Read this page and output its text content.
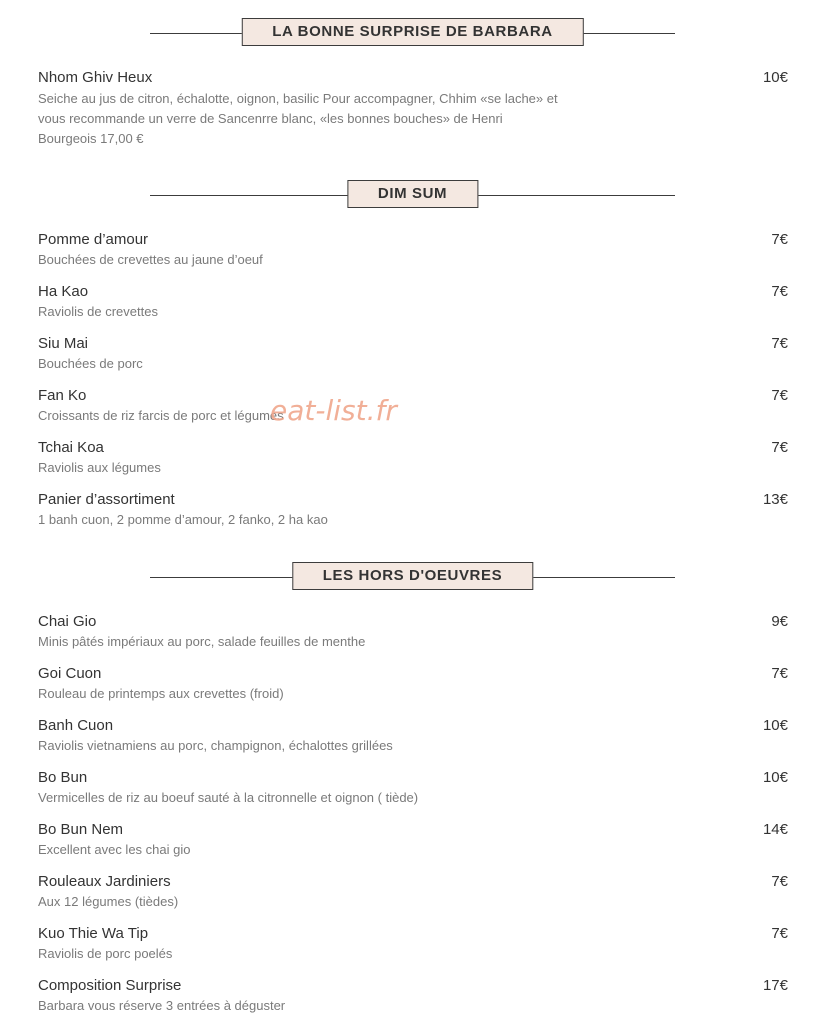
LA BONNE SURPRISE DE BARBARA
Nhom Ghiv Heux	10€
Seiche au jus de citron, échalotte, oignon, basilic Pour accompagner, Chhim «se lache» et vous recommande un verre de Sancenrre blanc, «les bonnes bouches» de Henri Bourgeois 17,00 €
DIM SUM
Pomme d’amour	7€
Bouchées de crevettes au jaune d’oeuf
Ha Kao	7€
Raviolis de crevettes
Siu Mai	7€
Bouchées de porc
Fan Ko	7€
Croissants de riz farcis de porc et légumes
Tchai Koa	7€
Raviolis aux légumes
Panier d’assortiment	13€
1 banh cuon, 2 pomme d’amour, 2 fanko, 2 ha kao
LES HORS D'OEUVRES
Chai Gio	9€
Minis pâtés impériaux au porc, salade feuilles de menthe
Goi Cuon	7€
Rouleau de printemps aux crevettes (froid)
Banh Cuon	10€
Raviolis vietnamiens au porc, champignon, échalottes grillées
Bo Bun	10€
Vermicelles de riz au boeuf sauté à la citronnelle et oignon ( tiède)
Bo Bun Nem	14€
Excellent avec les chai gio
Rouleaux Jardiniers	7€
Aux 12 légumes (tièdes)
Kuo Thie Wa Tip	7€
Raviolis de porc poelés
Composition Surprise	17€
Barbara vous réserve 3 entrées à déguster
eat-list.fr
